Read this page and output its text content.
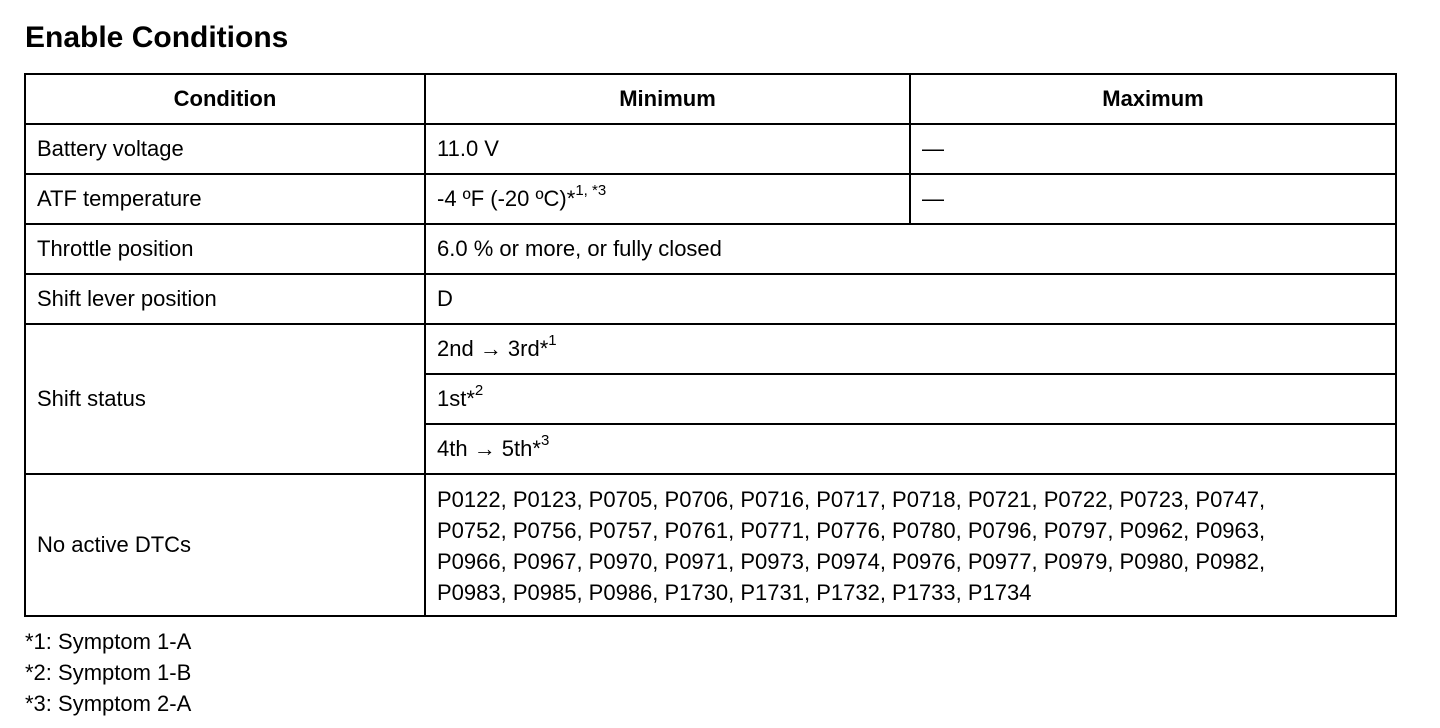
Enable Conditions
Condition	Minimum	Maximum
Battery voltage	11.0 V	—
ATF temperature	-4 ºF (-20 ºC)*$^{1, *3}$	—
Throttle position	6.0 % or more, or fully closed	
Shift lever position	D	
Shift status	2nd → 3rd*$^1$
	1st*$^2$
	4th → 5th*$^3$
No active DTCs	P0122, P0123, P0705, P0706, P0716, P0717, P0718, P0721, P0722, P0723, P0747,
P0752, P0756, P0757, P0761, P0771, P0776, P0780, P0796, P0797, P0962, P0963,
P0966, P0967, P0970, P0971, P0973, P0974, P0976, P0977, P0979, P0980, P0982,
P0983, P0985, P0986, P1730, P1731, P1732, P1733, P1734	
*1: Symptom 1-A
*2: Symptom 1-B
*3: Symptom 2-A
